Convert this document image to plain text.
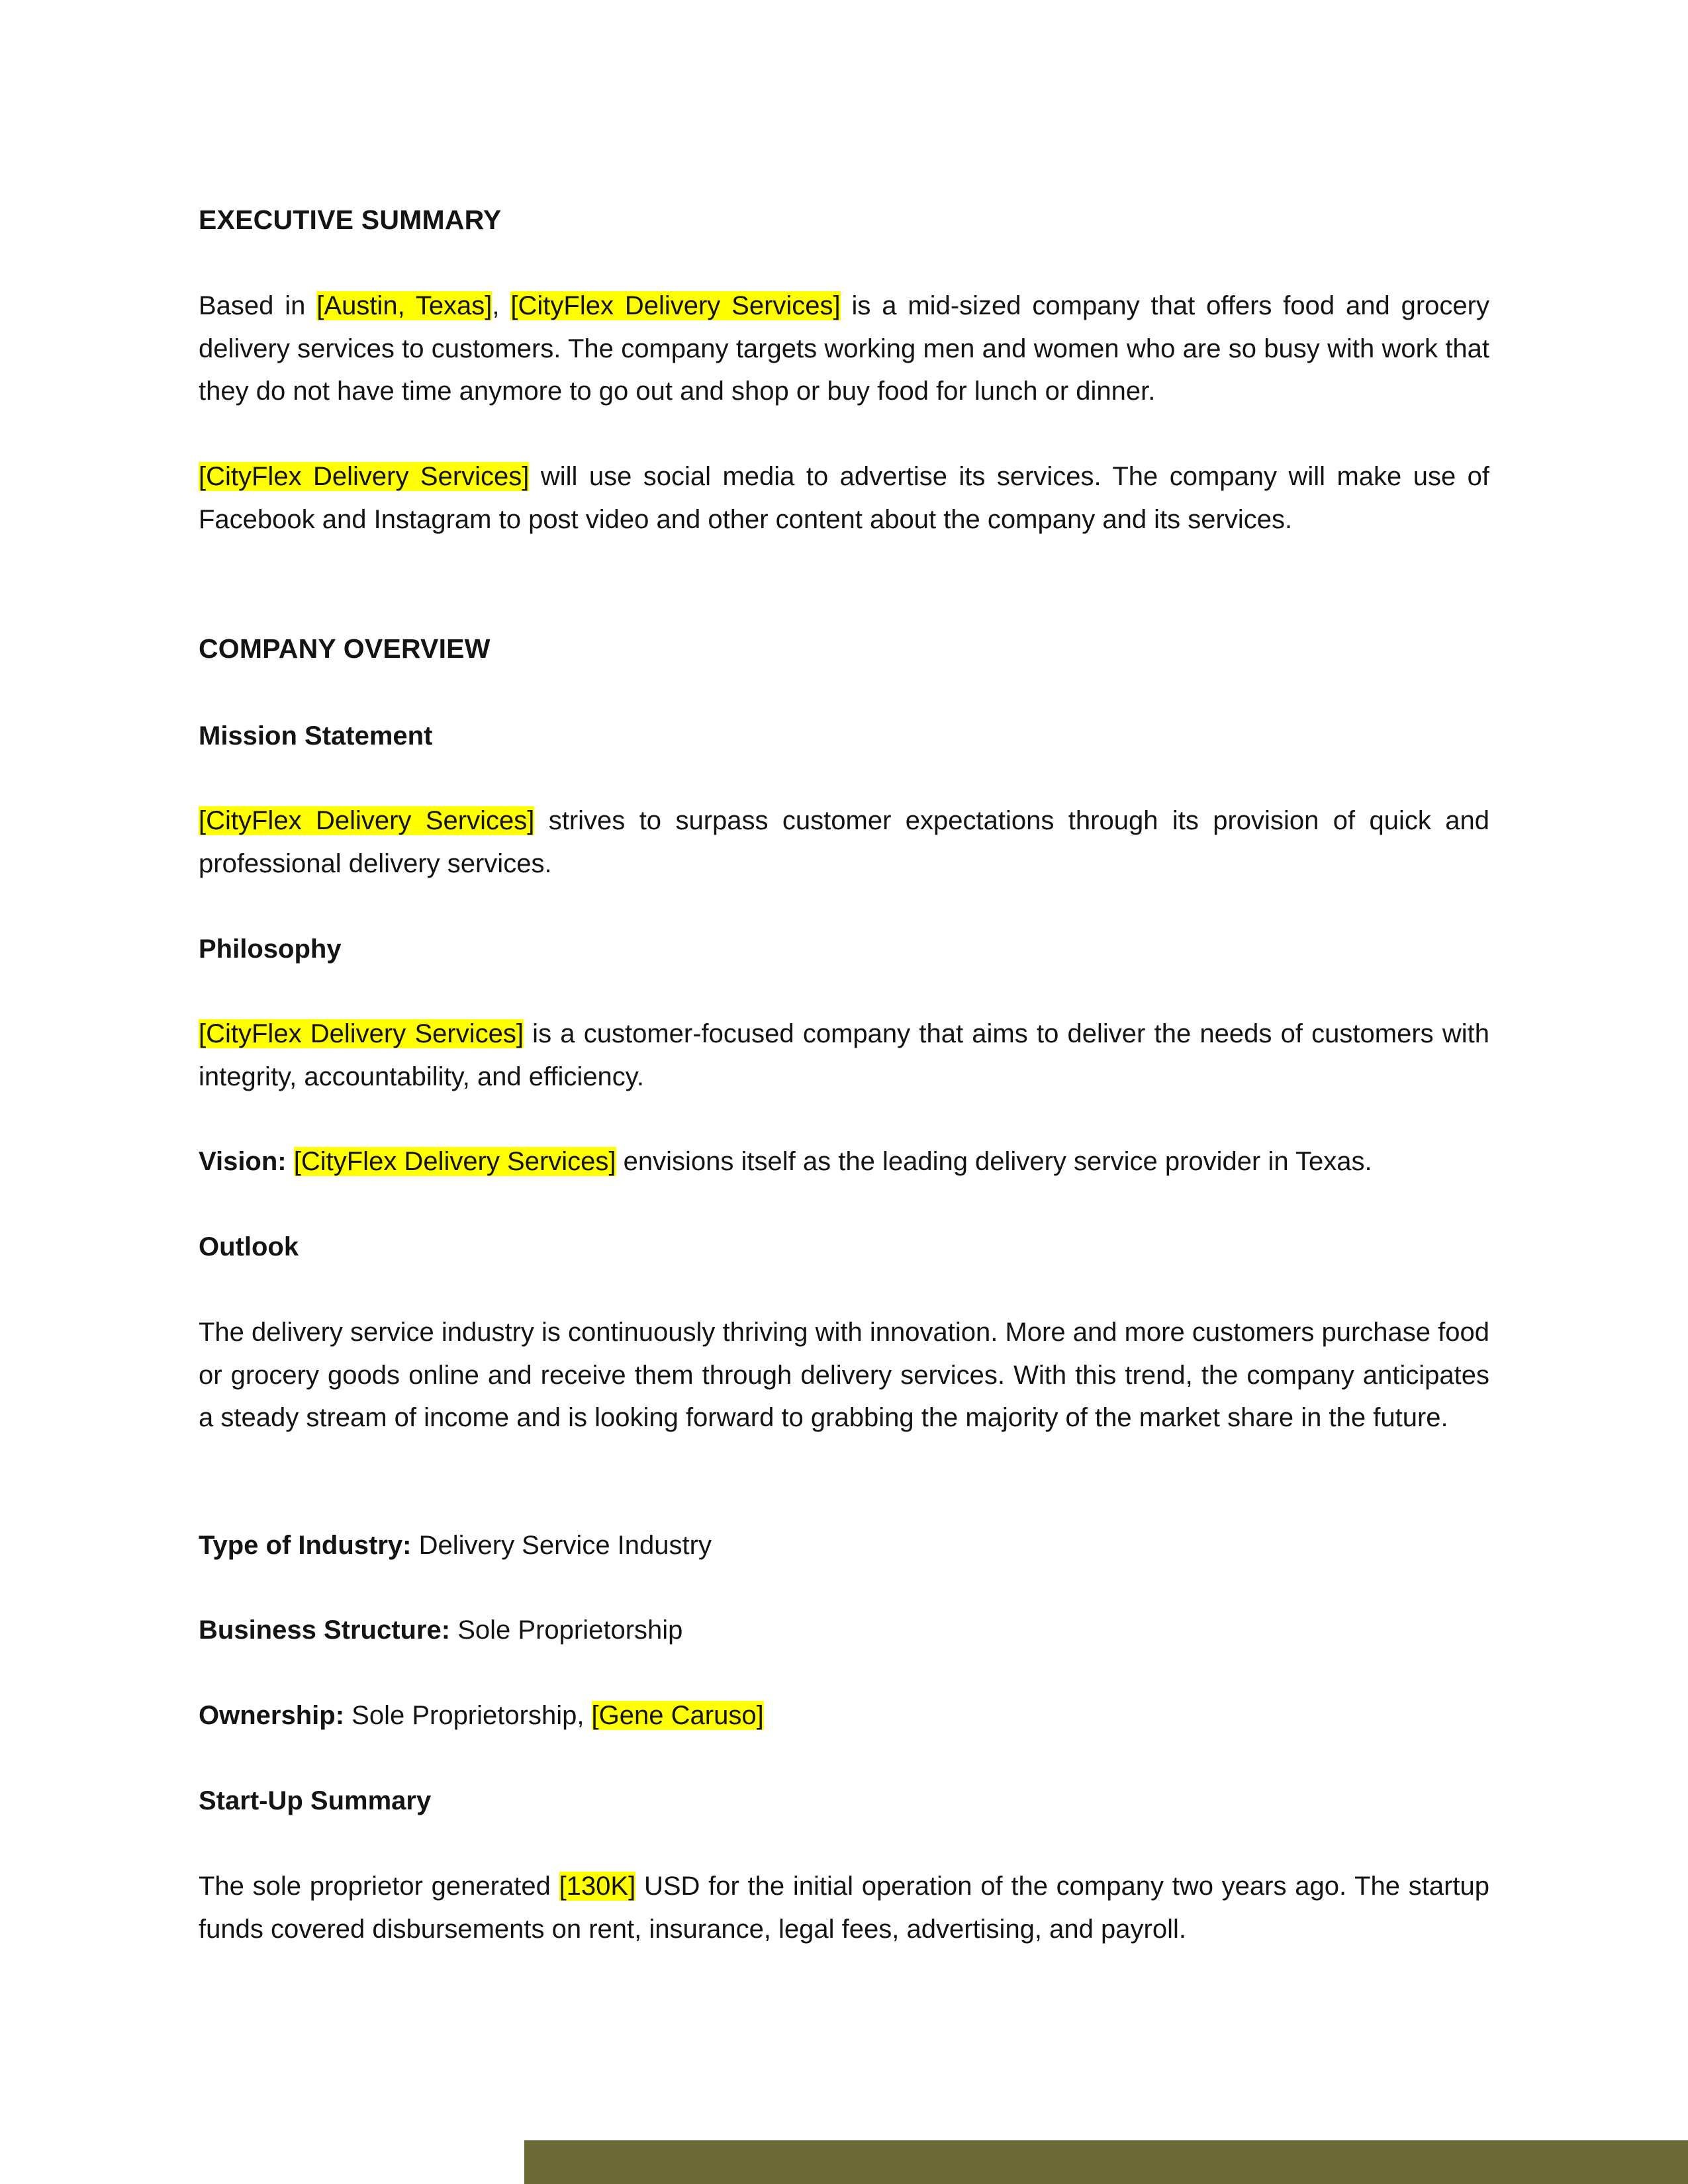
EXECUTIVE SUMMARY

Based in [Austin, Texas], [CityFlex Delivery Services] is a mid-sized company that offers food and grocery delivery services to customers. The company targets working men and women who are so busy with work that they do not have time anymore to go out and shop or buy food for lunch or dinner.

[CityFlex Delivery Services] will use social media to advertise its services. The company will make use of Facebook and Instagram to post video and other content about the company and its services.

COMPANY OVERVIEW
Mission Statement

[CityFlex Delivery Services] strives to surpass customer expectations through its provision of quick and professional delivery services.

Philosophy

[CityFlex Delivery Services] is a customer-focused company that aims to deliver the needs of customers with integrity, accountability, and efficiency.

Vision: [CityFlex Delivery Services] envisions itself as the leading delivery service provider in Texas.

Outlook

The delivery service industry is continuously thriving with innovation. More and more customers purchase food or grocery goods online and receive them through delivery services. With this trend, the company anticipates a steady stream of income and is looking forward to grabbing the majority of the market share in the future.

Type of Industry: Delivery Service Industry

Business Structure: Sole Proprietorship

Ownership: Sole Proprietorship, [Gene Caruso]

Start-Up Summary

The sole proprietor generated [130K] USD for the initial operation of the company two years ago. The startup funds covered disbursements on rent, insurance, legal fees, advertising, and payroll.
